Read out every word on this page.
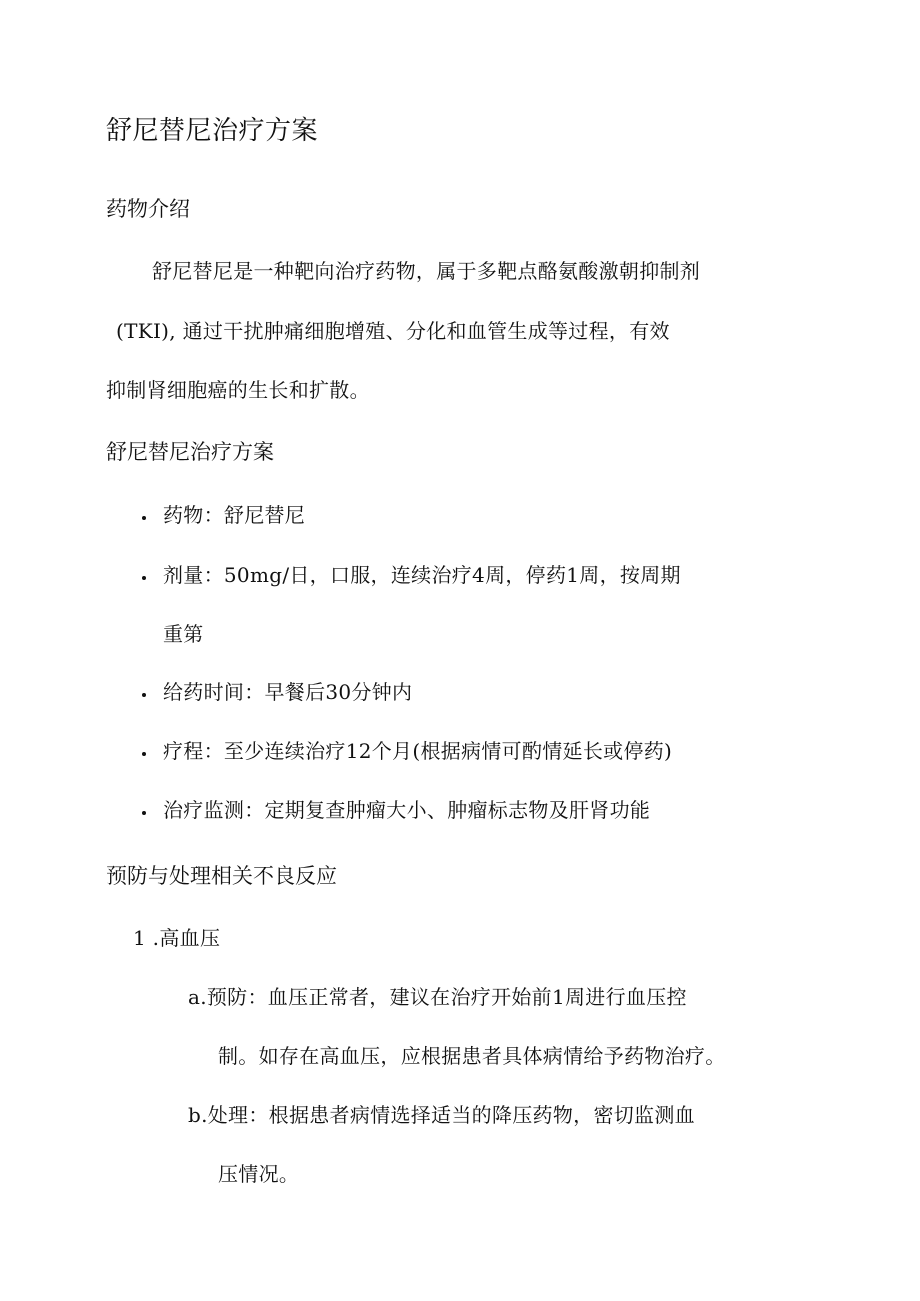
舒尼替尼治疗方案
药物介绍
舒尼替尼是一种靶向治疗药物，属于多靶点酪氨酸激朝抑制剂
(TKI), 通过干扰肿痛细胞增殖、分化和血管生成等过程，有效
抑制肾细胞癌的生长和扩散。
舒尼替尼治疗方案
药物：舒尼替尼
剂量：50mg/日，口服，连续治疗4周，停药1周，按周期
重第
给药时间：早餐后30分钟内
疗程：至少连续治疗12个月(根据病情可酌情延长或停药)
治疗监测：定期复查肿瘤大小、肿瘤标志物及肝肾功能
预防与处理相关不良反应
1 .高血压
a.预防：血压正常者，建议在治疗开始前1周进行血压控
制。如存在高血压，应根据患者具体病情给予药物治疗。
b.处理：根据患者病情选择适当的降压药物，密切监测血
压情况。
